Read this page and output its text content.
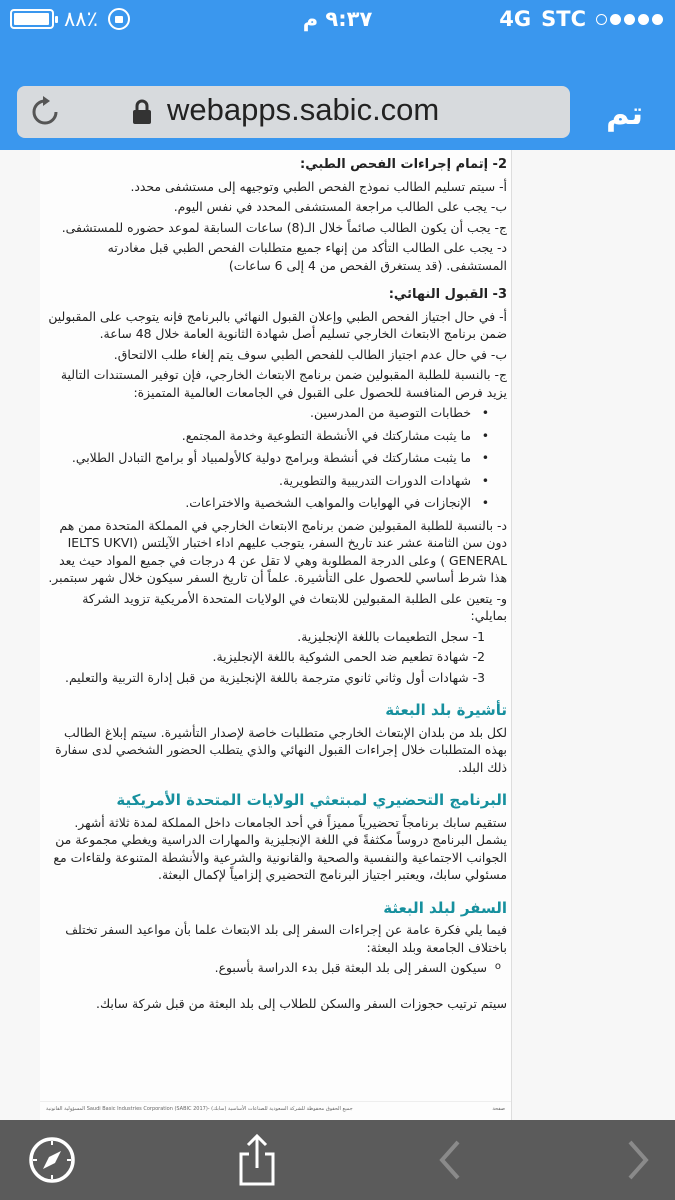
٨٨٪	٩:٣٧ م	4G STC
webapps.sabic.com	تم
2- إتمام إجراءات الفحص الطبي:
أ- سيتم تسليم الطالب نموذج الفحص الطبي وتوجيهه إلى مستشفى محدد.
ب- يجب على الطالب مراجعة المستشفى المحدد في نفس اليوم.
ج- يجب أن يكون الطالب صائماً خلال الـ(8) ساعات السابقة لموعد حضوره للمستشفى.
د- يجب على الطالب التأكد من إنهاء جميع متطلبات الفحص الطبي قبل مغادرته المستشفى. (قد يستغرق الفحص من 4 إلى 6 ساعات)
3- القبول النهائي:
أ- في حال اجتياز الفحص الطبي وإعلان القبول النهائي بالبرنامج فإنه يتوجب على المقبولين ضمن برنامج الابتعاث الخارجي تسليم أصل شهادة الثانوية العامة خلال 48 ساعة.
ب- في حال عدم اجتياز الطالب للفحص الطبي سوف يتم إلغاء طلب الالتحاق.
ج- بالنسبة للطلبة المقبولين ضمن برنامج الابتعاث الخارجي، فإن توفير المستندات التالية يزيد فرص المنافسة للحصول على القبول في الجامعات العالمية المتميزة:
• خطابات التوصية من المدرسين.
• ما يثبت مشاركتك في الأنشطة التطوعية وخدمة المجتمع.
• ما يثبت مشاركتك في أنشطة وبرامج دولية كالأولمبياد أو برامج التبادل الطلابي.
• شهادات الدورات التدريبية والتطويرية.
• الإنجازات في الهوايات والمواهب الشخصية والاختراعات.
د- بالنسبة للطلبة المقبولين ضمن برنامج الابتعاث الخارجي في المملكة المتحدة ممن هم دون سن الثامنة عشر عند تاريخ السفر، يتوجب عليهم اداء اختبار الآيلتس (IELTS UKVI GENERAL ) وعلى الدرجة المطلوبة وهي لا تقل عن 4 درجات في جميع المواد حيث يعد هذا شرط أساسي للحصول على التأشيرة. علماً أن تاريخ السفر سيكون خلال شهر سبتمبر.
و- يتعين على الطلبة المقبولين للابتعاث في الولايات المتحدة الأمريكية تزويد الشركة بمايلي:
1- سجل التطعيمات باللغة الإنجليزية.
2- شهادة تطعيم ضد الحمى الشوكية باللغة الإنجليزية.
3- شهادات أول وثاني ثانوي مترجمة باللغة الإنجليزية من قبل إدارة التربية والتعليم.
تأشيرة بلد البعثة
لكل بلد من بلدان الإبتعاث الخارجي متطلبات خاصة لإصدار التأشيرة. سيتم إبلاغ الطالب بهذه المتطلبات خلال إجراءات القبول النهائي والذي يتطلب الحضور الشخصي لدى سفارة ذلك البلد.
البرنامج التحضيري لمبتعثي الولايات المتحدة الأمريكية
ستقيم سابك برنامجاً تحضيرياً مميزاً في أحد الجامعات داخل المملكة لمدة ثلاثة أشهر. يشمل البرنامج دروساً مكثفةً في اللغة الإنجليزية والمهارات الدراسية ويغطي مجموعة من الجوانب الاجتماعية والنفسية والصحية والقانونية والشرعية والأنشطة المتنوعة ولقاءات مع مسئولي سابك، ويعتبر اجتياز البرنامج التحضيري إلزامياً لإكمال البعثة.
السفر لبلد البعثة
فيما يلي فكرة عامة عن إجراءات السفر إلى بلد الابتعاث علما بأن مواعيد السفر تختلف باختلاف الجامعة وبلد البعثة:
o سيكون السفر إلى بلد البعثة قبل بدء الدراسة بأسبوع.
سيتم ترتيب حجوزات السفر والسكن للطلاب إلى بلد البعثة من قبل شركة سابك.
صفحة
جميع الحقوق محفوظة للشركة السعودية للصناعات الأساسية (سابك) -Saudi Basic Industries Corporation (SABIC 2017) المسؤولية القانونية
